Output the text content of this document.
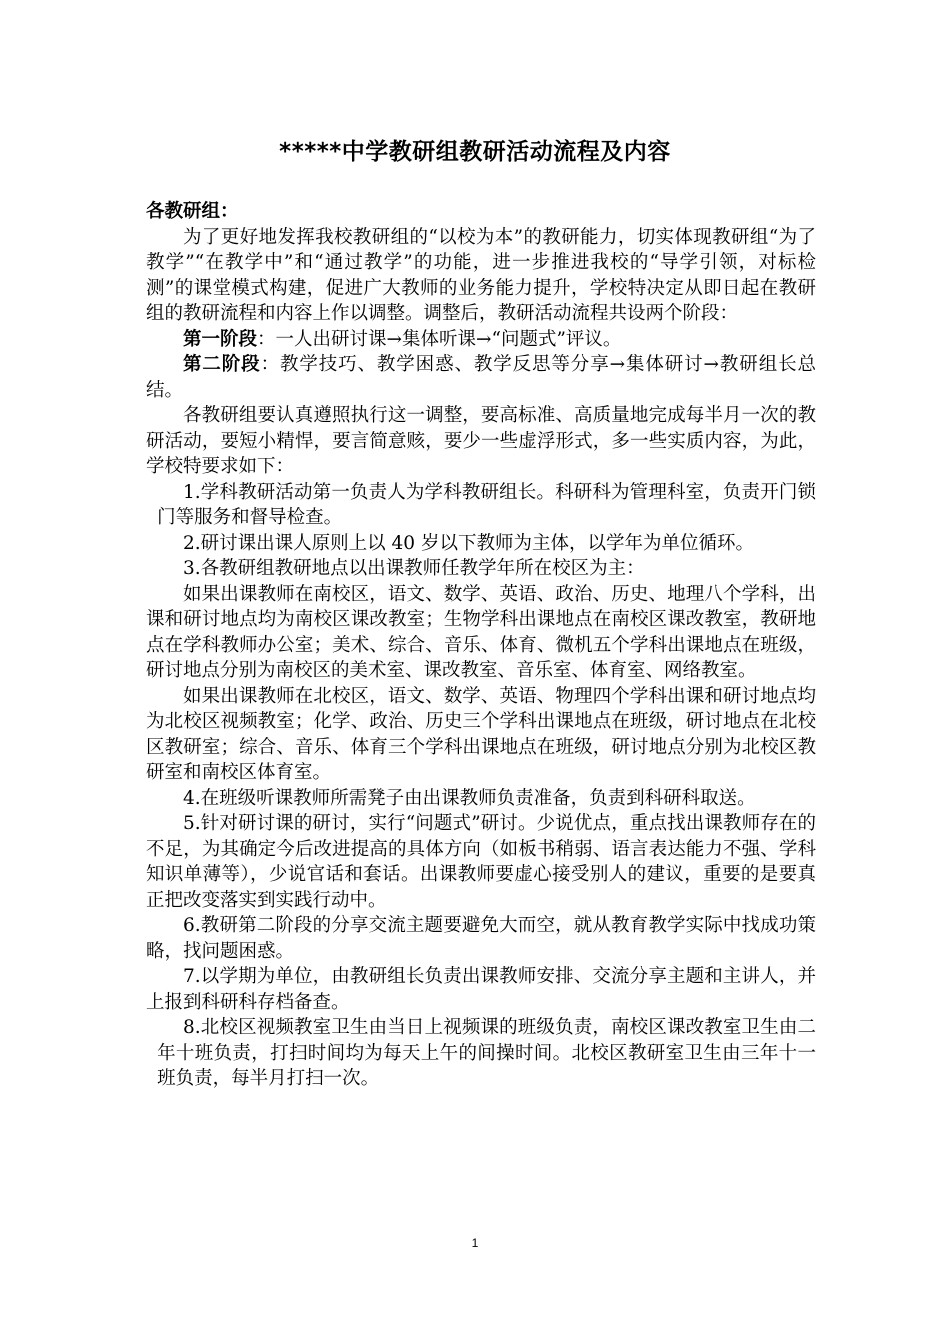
*****中学教研组教研活动流程及内容

各教研组：

为了更好地发挥我校教研组的“以校为本”的教研能力，切实体现教研组“为了教学”“在教学中”和“通过教学”的功能，进一步推进我校的“导学引领，对标检测”的课堂模式构建，促进广大教师的业务能力提升，学校特决定从即日起在教研组的教研流程和内容上作以调整。调整后，教研活动流程共设两个阶段：

第一阶段：一人出研讨课→集体听课→“问题式”评议。

第二阶段：教学技巧、教学困惑、教学反思等分享→集体研讨→教研组长总结。

各教研组要认真遵照执行这一调整，要高标准、高质量地完成每半月一次的教研活动，要短小精悍，要言简意赅，要少一些虚浮形式，多一些实质内容，为此，学校特要求如下：

1.学科教研活动第一负责人为学科教研组长。科研科为管理科室，负责开门锁门等服务和督导检查。

2.研讨课出课人原则上以 40 岁以下教师为主体，以学年为单位循环。

3.各教研组教研地点以出课教师任教学年所在校区为主：

如果出课教师在南校区，语文、数学、英语、政治、历史、地理八个学科，出课和研讨地点均为南校区课改教室；生物学科出课地点在南校区课改教室，教研地点在学科教师办公室；美术、综合、音乐、体育、微机五个学科出课地点在班级，研讨地点分别为南校区的美术室、课改教室、音乐室、体育室、网络教室。

如果出课教师在北校区，语文、数学、英语、物理四个学科出课和研讨地点均为北校区视频教室；化学、政治、历史三个学科出课地点在班级，研讨地点在北校区教研室；综合、音乐、体育三个学科出课地点在班级，研讨地点分别为北校区教研室和南校区体育室。

4.在班级听课教师所需凳子由出课教师负责准备，负责到科研科取送。

5.针对研讨课的研讨，实行“问题式”研讨。少说优点，重点找出课教师存在的不足，为其确定今后改进提高的具体方向（如板书稍弱、语言表达能力不强、学科知识单薄等），少说官话和套话。出课教师要虚心接受别人的建议，重要的是要真正把改变落实到实践行动中。

6.教研第二阶段的分享交流主题要避免大而空，就从教育教学实际中找成功策略，找问题困惑。

7.以学期为单位，由教研组长负责出课教师安排、交流分享主题和主讲人，并上报到科研科存档备查。

8.北校区视频教室卫生由当日上视频课的班级负责，南校区课改教室卫生由二年十班负责，打扫时间均为每天上午的间操时间。北校区教研室卫生由三年十一班负责，每半月打扫一次。

1
